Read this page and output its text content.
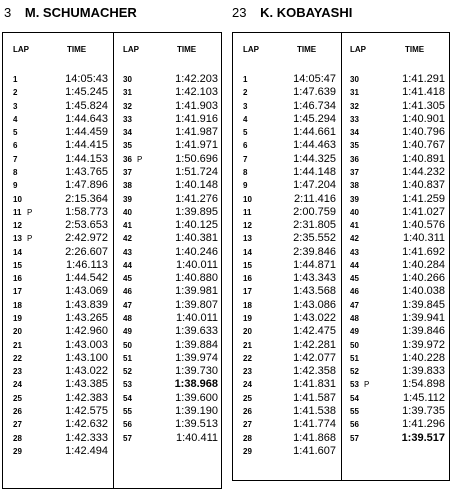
3 M. SCHUMACHER
LAP	TIME
1	14:05:43
2	1:45.245
3	1:45.824
4	1:44.643
5	1:44.459
6	1:44.415
7	1:44.153
8	1:43.765
9	1:47.896
10	2:15.364
11 P	1:58.773
12	2:53.653
13 P	2:42.972
14	2:26.607
15	1:46.113
16	1:44.542
17	1:43.069
18	1:43.839
19	1:43.265
20	1:42.960
21	1:43.003
22	1:43.100
23	1:43.022
24	1:43.385
25	1:42.383
26	1:42.575
27	1:42.632
28	1:42.333
29	1:42.494
LAP	TIME
30	1:42.203
31	1:42.103
32	1:41.903
33	1:41.916
34	1:41.987
35	1:41.971
36 P	1:50.696
37	1:51.724
38	1:40.148
39	1:41.276
40	1:39.895
41	1:40.125
42	1:40.381
43	1:40.246
44	1:40.011
45	1:40.880
46	1:39.981
47	1:39.807
48	1:40.011
49	1:39.633
50	1:39.884
51	1:39.974
52	1:39.730
53	1:38.968
54	1:39.600
55	1:39.190
56	1:39.513
57	1:40.411
23 K. KOBAYASHI
LAP	TIME
1	14:05:47
2	1:47.639
3	1:46.734
4	1:45.294
5	1:44.661
6	1:44.463
7	1:44.325
8	1:44.148
9	1:47.204
10	2:11.416
11	2:00.759
12	2:31.805
13	2:35.552
14	2:39.846
15	1:44.871
16	1:43.343
17	1:43.568
18	1:43.086
19	1:43.022
20	1:42.475
21	1:42.281
22	1:42.077
23	1:42.358
24	1:41.831
25	1:41.587
26	1:41.538
27	1:41.774
28	1:41.868
29	1:41.607
LAP	TIME
30	1:41.291
31	1:41.418
32	1:41.305
33	1:40.901
34	1:40.796
35	1:40.767
36	1:40.891
37	1:44.232
38	1:40.837
39	1:41.259
40	1:41.027
41	1:40.576
42	1:40.311
43	1:41.692
44	1:40.284
45	1:40.266
46	1:40.038
47	1:39.845
48	1:39.941
49	1:39.846
50	1:39.972
51	1:40.228
52	1:39.833
53 P	1:54.898
54	1:45.112
55	1:39.735
56	1:41.296
57	1:39.517
